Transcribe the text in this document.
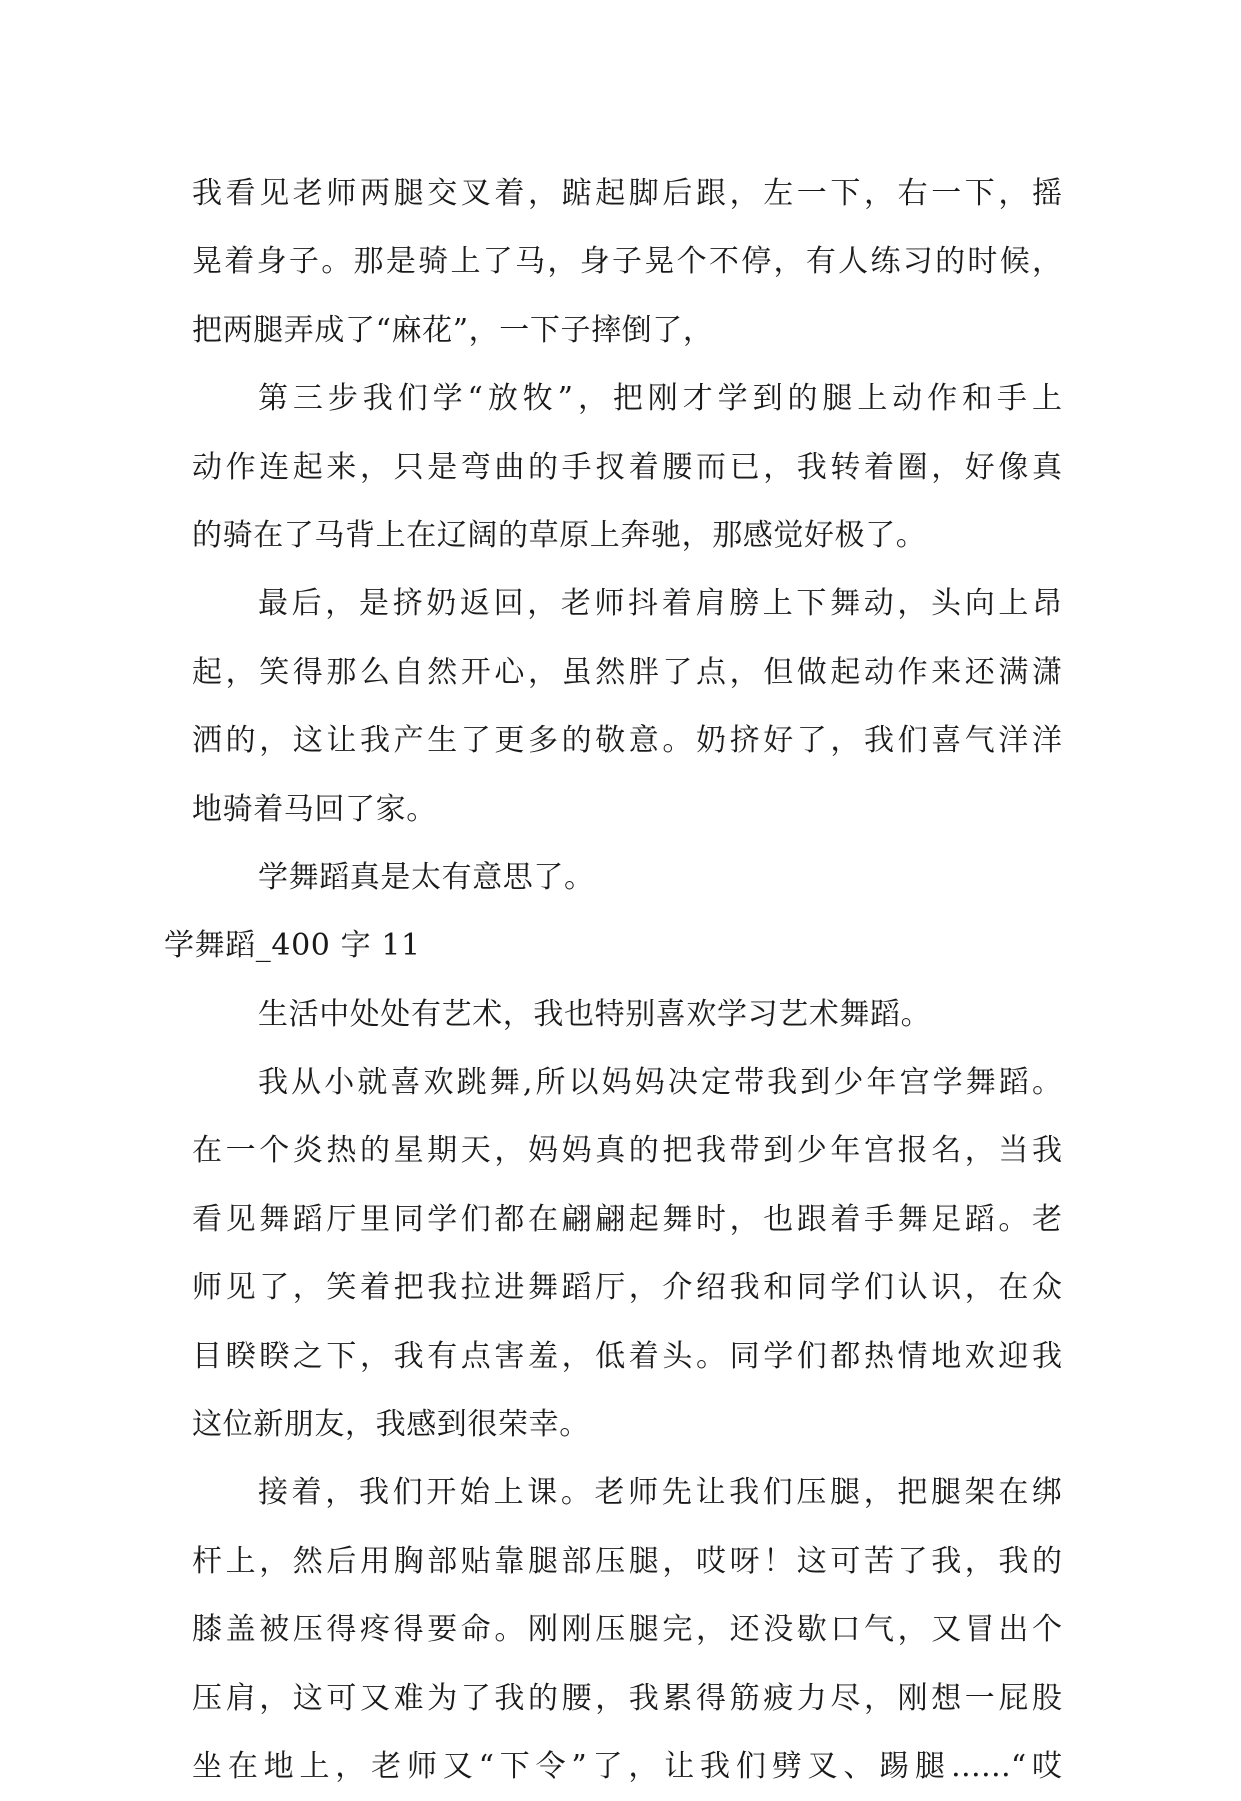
我看见老师两腿交叉着，踮起脚后跟，左一下，右一下，摇
晃着身子。那是骑上了马，身子晃个不停，有人练习的时候，
把两腿弄成了“麻花”，一下子摔倒了，
第三步我们学“放牧”，把刚才学到的腿上动作和手上
动作连起来，只是弯曲的手扠着腰而已，我转着圈，好像真
的骑在了马背上在辽阔的草原上奔驰，那感觉好极了。
最后，是挤奶返回，老师抖着肩膀上下舞动，头向上昂
起，笑得那么自然开心，虽然胖了点，但做起动作来还满潇
洒的，这让我产生了更多的敬意。奶挤好了，我们喜气洋洋
地骑着马回了家。
学舞蹈真是太有意思了。
学舞蹈_400 字 11
生活中处处有艺术，我也特别喜欢学习艺术舞蹈。
我从小就喜欢跳舞,所以妈妈决定带我到少年宫学舞蹈。
在一个炎热的星期天，妈妈真的把我带到少年宫报名，当我
看见舞蹈厅里同学们都在翩翩起舞时，也跟着手舞足蹈。老
师见了，笑着把我拉进舞蹈厅，介绍我和同学们认识，在众
目睽睽之下，我有点害羞，低着头。同学们都热情地欢迎我
这位新朋友，我感到很荣幸。
接着，我们开始上课。老师先让我们压腿，把腿架在绑
杆上，然后用胸部贴靠腿部压腿，哎呀！这可苦了我，我的
膝盖被压得疼得要命。刚刚压腿完，还没歇口气，又冒出个
压肩，这可又难为了我的腰，我累得筋疲力尽，刚想一屁股
坐在地上，老师又“下令”了，让我们劈叉、踢腿……“哎
